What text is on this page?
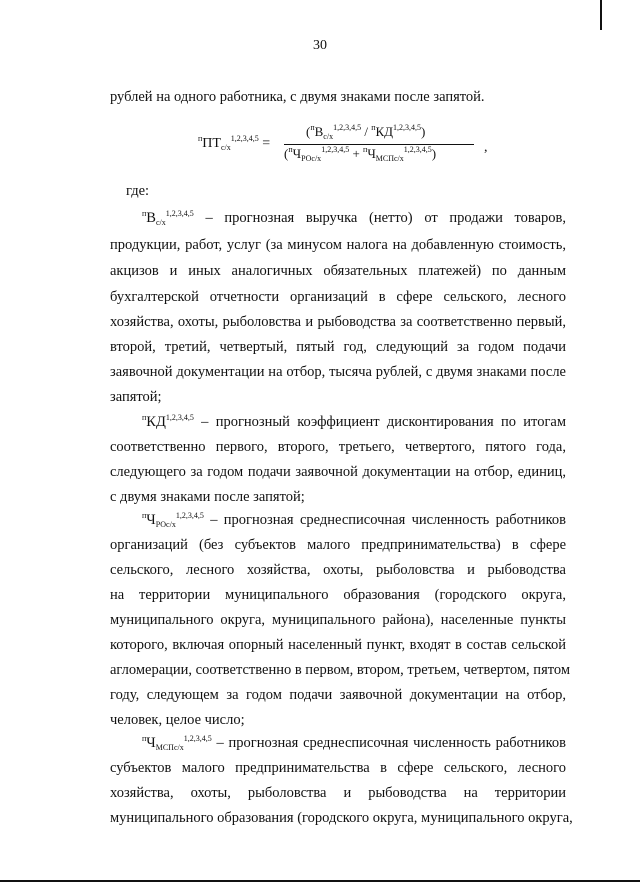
30
рублей на одного работника, с двумя знаками после запятой.
$^пПТ_{с/х}^{1,2,3,4,5}$ =
$(^пВ_{с/х}^{1,2,3,4,5} / ^пКД^{1,2,3,4,5})$
$(^пЧ_{РОс/х}^{1,2,3,4,5} + ^пЧ_{МСПс/х}^{1,2,3,4,5})$	,
где:
$^пВ_{с/х}^{1,2,3,4,5}$ – прогнозная выручка (нетто) от продажи товаров,
продукции, работ, услуг (за минусом налога на добавленную стоимость,
акцизов и иных аналогичных обязательных платежей) по данным
бухгалтерской отчетности организаций в сфере сельского, лесного
хозяйства, охоты, рыболовства и рыбоводства за соответственно первый,
второй, третий, четвертый, пятый год, следующий за годом подачи
заявочной документации на отбор, тысяча рублей, с двумя знаками после
запятой;
$^п$КД$^{1,2,3,4,5}$ – прогнозный коэффициент дисконтирования по итогам
соответственно первого, второго, третьего, четвертого, пятого года,
следующего за годом подачи заявочной документации на отбор, единиц,
с двумя знаками после запятой;
$^пЧ_{РОс/х}^{1,2,3,4,5}$ – прогнозная среднесписочная численность работников
организаций (без субъектов малого предпринимательства) в сфере
сельского, лесного хозяйства, охоты, рыболовства и рыбоводства
на территории муниципального образования (городского округа,
муниципального округа, муниципального района), населенные пункты
которого, включая опорный населенный пункт, входят в состав сельской
агломерации, соответственно в первом, втором, третьем, четвертом, пятом
году, следующем за годом подачи заявочной документации на отбор,
человек, целое число;
$^пЧ_{МСПс/х}^{1,2,3,4,5}$ – прогнозная среднесписочная численность работников
субъектов малого предпринимательства в сфере сельского, лесного
хозяйства, охоты, рыболовства и рыбоводства на территории
муниципального образования (городского округа, муниципального округа,
